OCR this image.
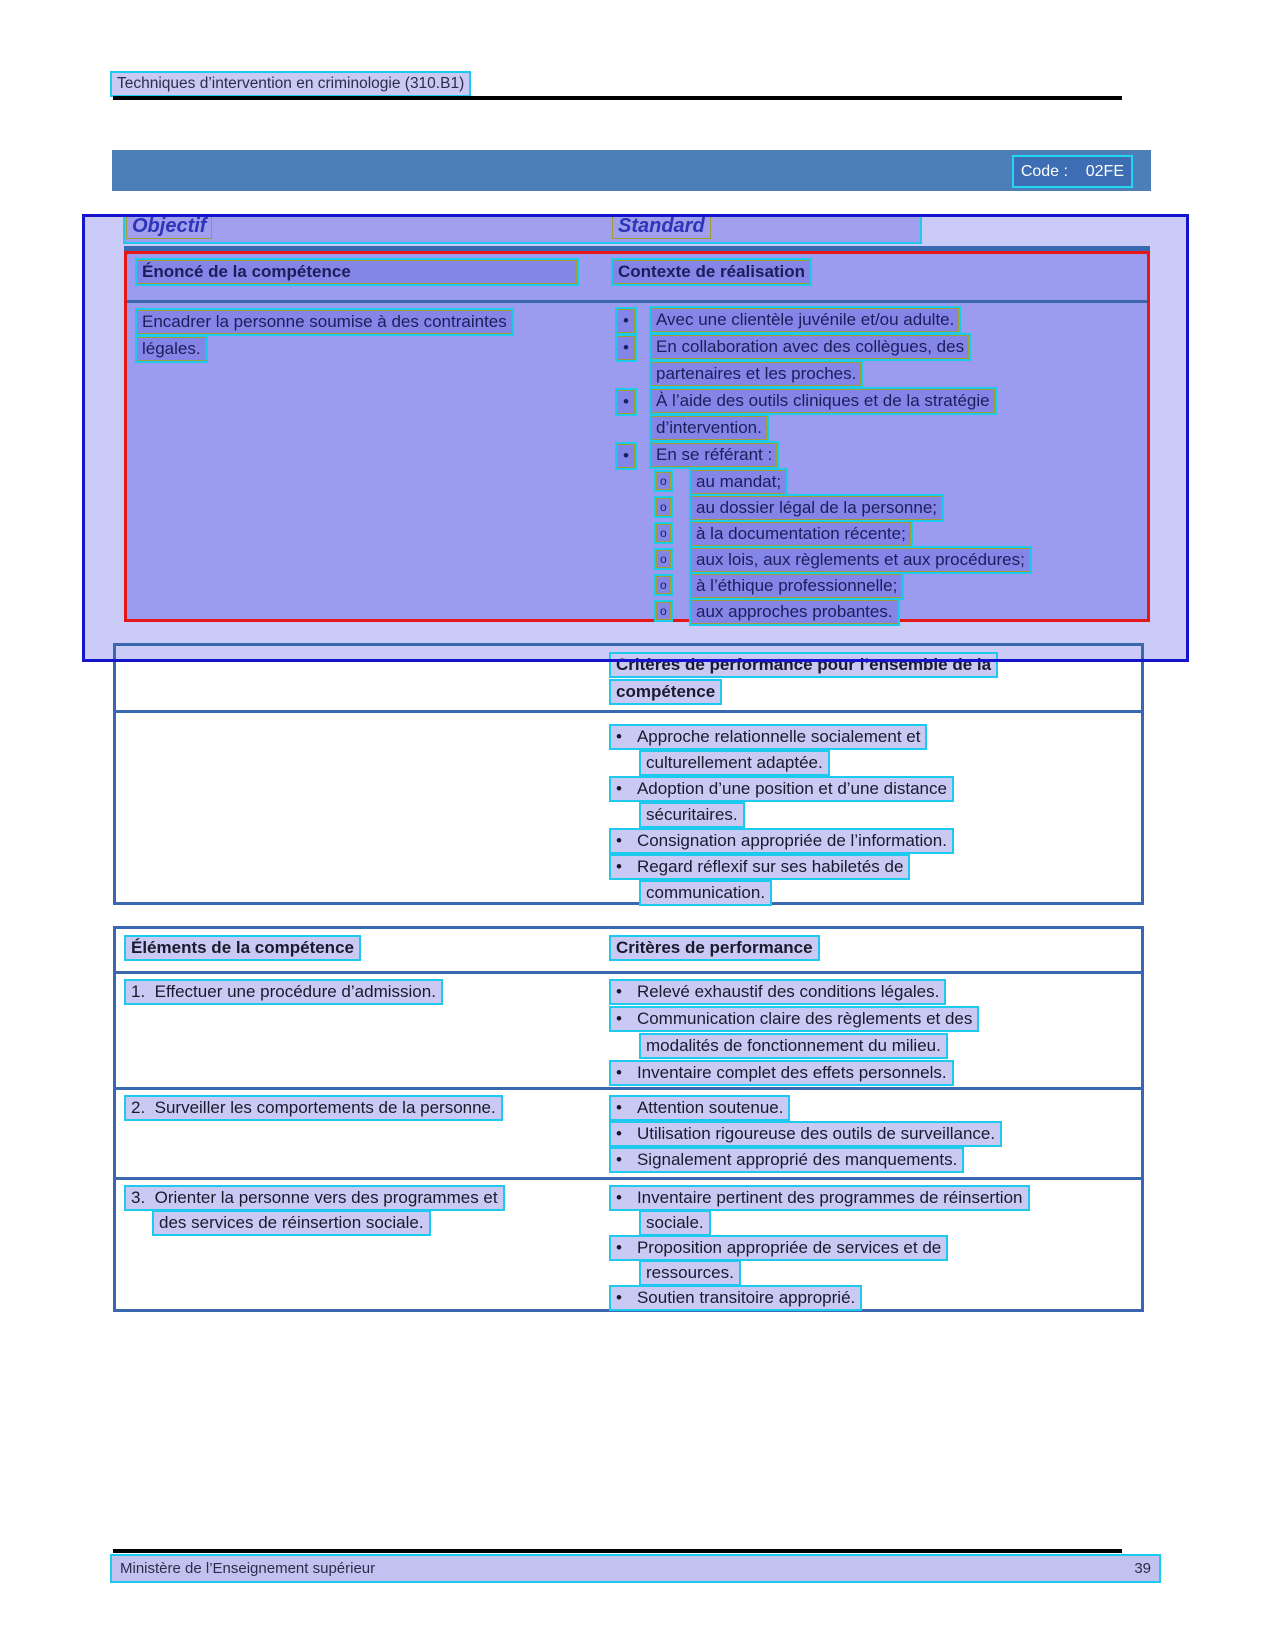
Techniques d’intervention en criminologie (310.B1)
Code :    02FE
Objectif	Standard
Énoncé de la compétence	Contexte de réalisation
Encadrer la personne soumise à des contraintes
légales.
•	Avec une clientèle juvénile et/ou adulte.
•	En collaboration avec des collègues, des
partenaires et les proches.
•	À l’aide des outils cliniques et de la stratégie
d’intervention.
•	En se référant :
o au mandat;
o au dossier légal de la personne;
o à la documentation récente;
o aux lois, aux règlements et aux procédures;
o à l’éthique professionnelle;
o aux approches probantes.
Critères de performance pour l’ensemble de la
compétence
• Approche relationnelle socialement et
culturellement adaptée.
• Adoption d’une position et d’une distance
sécuritaires.
• Consignation appropriée de l’information.
• Regard réflexif sur ses habiletés de
communication.
Éléments de la compétence	Critères de performance
1.  Effectuer une procédure d’admission.	• Relevé exhaustif des conditions légales.
• Communication claire des règlements et des
modalités de fonctionnement du milieu.
• Inventaire complet des effets personnels.
2.  Surveiller les comportements de la personne.	• Attention soutenue.
• Utilisation rigoureuse des outils de surveillance.
• Signalement approprié des manquements.
3.  Orienter la personne vers des programmes et
des services de réinsertion sociale.
• Inventaire pertinent des programmes de réinsertion
sociale.
• Proposition appropriée de services et de
ressources.
• Soutien transitoire approprié.
Ministère de l’Enseignement supérieur	39
